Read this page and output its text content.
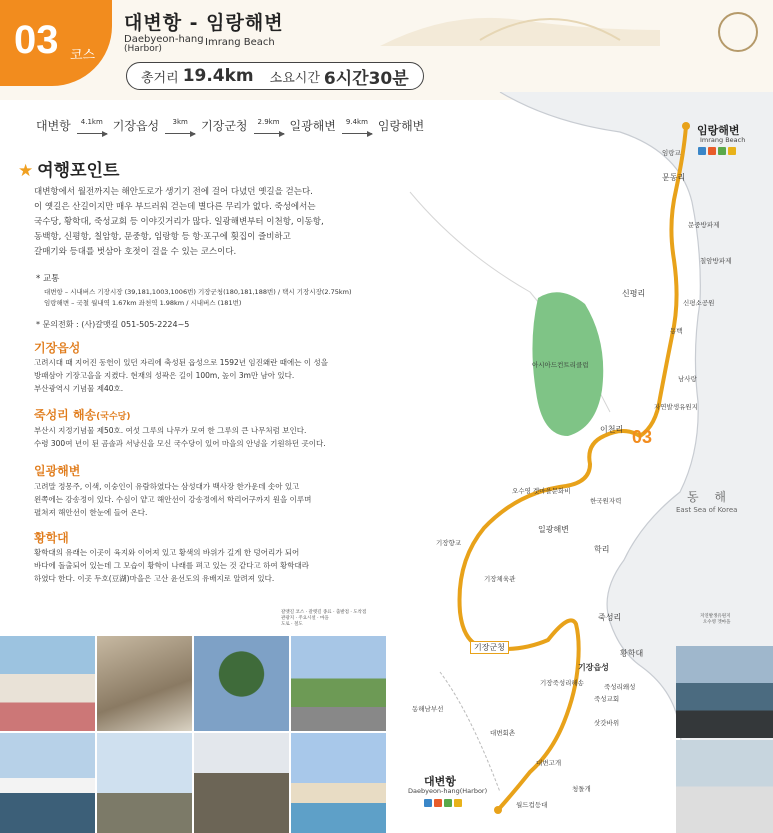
03 코스
대변항 - 임랑해변
Daebyeon-hang
(Harbor)
Imrang Beach
총거리 19.4km 소요시간 6시간30분
대변항 4.1km 기장읍성 3km 기장군청 2.9km 일광해변 9.4km 임랑해변
★ 여행포인트
대변항에서 월전까지는 해안도로가 생기기 전에 걸어 다녔던 옛길을 걷는다.
이 옛길은 산길이지만 매우 부드러워 걷는데 별다른 무리가 없다. 죽성에서는
국수당, 황학대, 죽성교회 등 이야깃거리가 많다. 일광해변부터 이천항, 이동항,
동백항, 신평항, 칠암항, 문중항, 임랑항 등 항·포구에 횟집이 즐비하고
갈매기와 등대를 벗삼아 호젓이 걸을 수 있는 코스이다.
* 교통
대변항 – 시내버스 기장시장 (39,181,1003,1006번) 기장군청(180,181,188번) / 택시 기장시장(2.75km)
임랑해변 – 국철 월내역 1.67km 좌천역 1.98km / 시내버스 (181번)
* 문의전화 : (사)갈맷길 051-505-2224~5
기장읍성
고려시대 때 지어진 동헌이 있던 자리에 축성된 읍성으로 1592년 임진왜란 때에는 이 성을
방패삼아 기장고을을 지켰다. 현재의 성곽은 길이 100m, 높이 3m만 남아 있다.
부산광역시 기념물 제40호.
죽성리 해송(국수당)
부산시 지정기념물 제50호. 여섯 그루의 나무가 모여 한 그루의 큰 나무처럼 보인다.
수령 300여 년이 된 곰솔과 서낭신을 모신 국수당이 있어 마을의 안녕을 기원하던 곳이다.
일광해변
고려말 정몽주, 이색, 이숭인이 유람하였다는 삼성대가 백사장 한가운데 솟아 있고
왼쪽에는 강송정이 있다. 수심이 얕고 해안선이 강송정에서 학리어구까지 원을 이루며
펼쳐져 해안선이 한눈에 들어 온다.
황학대
황학대의 유래는 이곳이 육지와 이어져 있고 황색의 바위가 길게 한 덩어리가 되어
바다에 돌출되어 있는데 그 모습이 황학이 나래를 펴고 있는 것 같다고 하여 황학대라
하였다 한다. 이곳 두호(豆湖)마을은 고산 윤선도의 유배지로 알려져 있다.
임랑해변
Imrang Beach
임랑교
문동리
문중방파제
칠암방파제
신평리
신평소공원
동백
남사랑
자연발생유원지
아시아드컨트리클럽
이천리 03
동 해
East Sea of Korea
오수영 겟마을문화비
한국원자력
일광해변
기장향교
학리
기장체육관
죽성리
기장군청
황학대
기장읍성
기장죽성리해송	죽성리왜성
죽성교회
동해남부선
삿갓바위
대변회촌
대변고개
대변항
Daebyeon-hang(Harbor)	청돌개
월드컵등대
갈맷길 코스 · 갈맷길 종료 · 출발점 · 도착점
관광지 · 주요시설 · 마을
도로 · 철도
지연발생유원지
오수영 겟마을
